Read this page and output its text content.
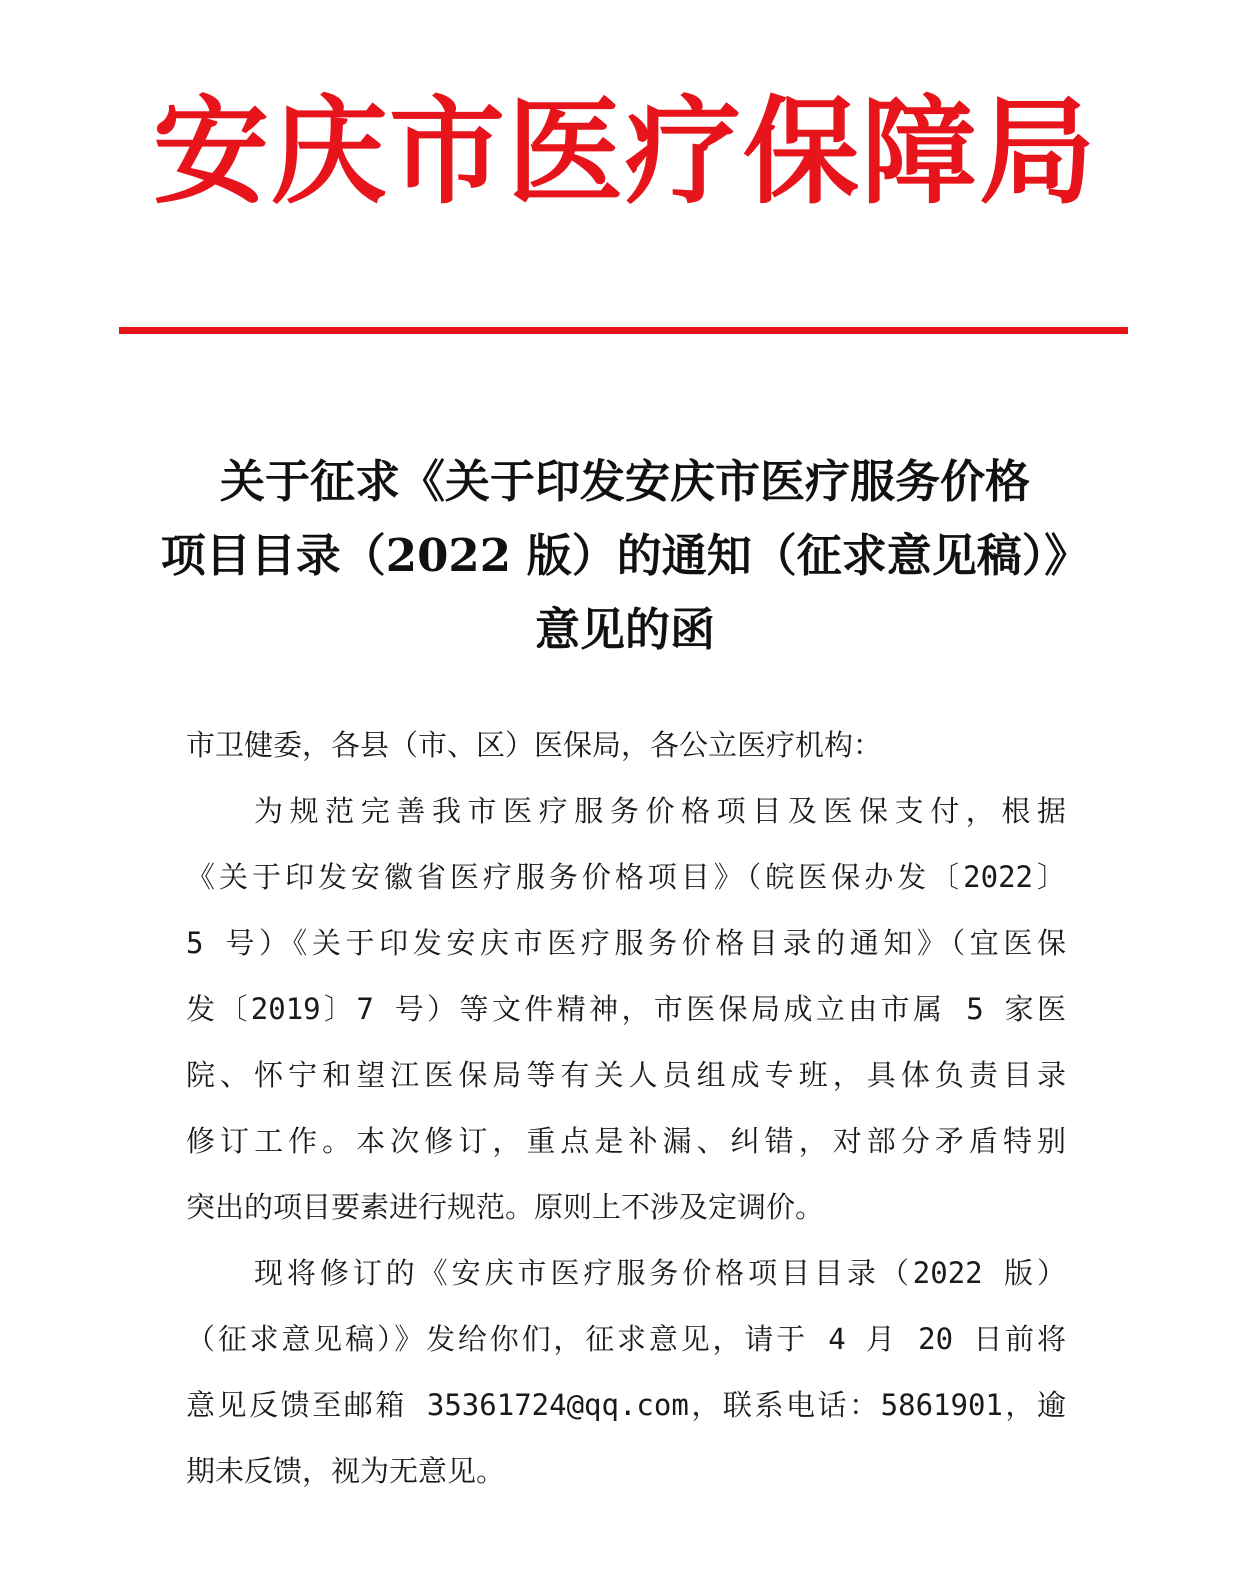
安庆市医疗保障局
关于征求《关于印发安庆市医疗服务价格
项目目录（2022 版）的通知（征求意见稿）》
意见的函
市卫健委，各县（市、区）医保局，各公立医疗机构：
为规范完善我市医疗服务价格项目及医保支付，根据
《关于印发安徽省医疗服务价格项目》（皖医保办发〔2022〕
5 号）《关于印发安庆市医疗服务价格目录的通知》（宜医保
发〔2019〕7 号）等文件精神，市医保局成立由市属 5 家医
院、怀宁和望江医保局等有关人员组成专班，具体负责目录
修订工作。本次修订，重点是补漏、纠错，对部分矛盾特别
突出的项目要素进行规范。原则上不涉及定调价。
现将修订的《安庆市医疗服务价格项目目录（2022 版）
（征求意见稿）》发给你们，征求意见，请于 4 月 20 日前将
意见反馈至邮箱 35361724@qq.com，联系电话：5861901，逾
期未反馈，视为无意见。
